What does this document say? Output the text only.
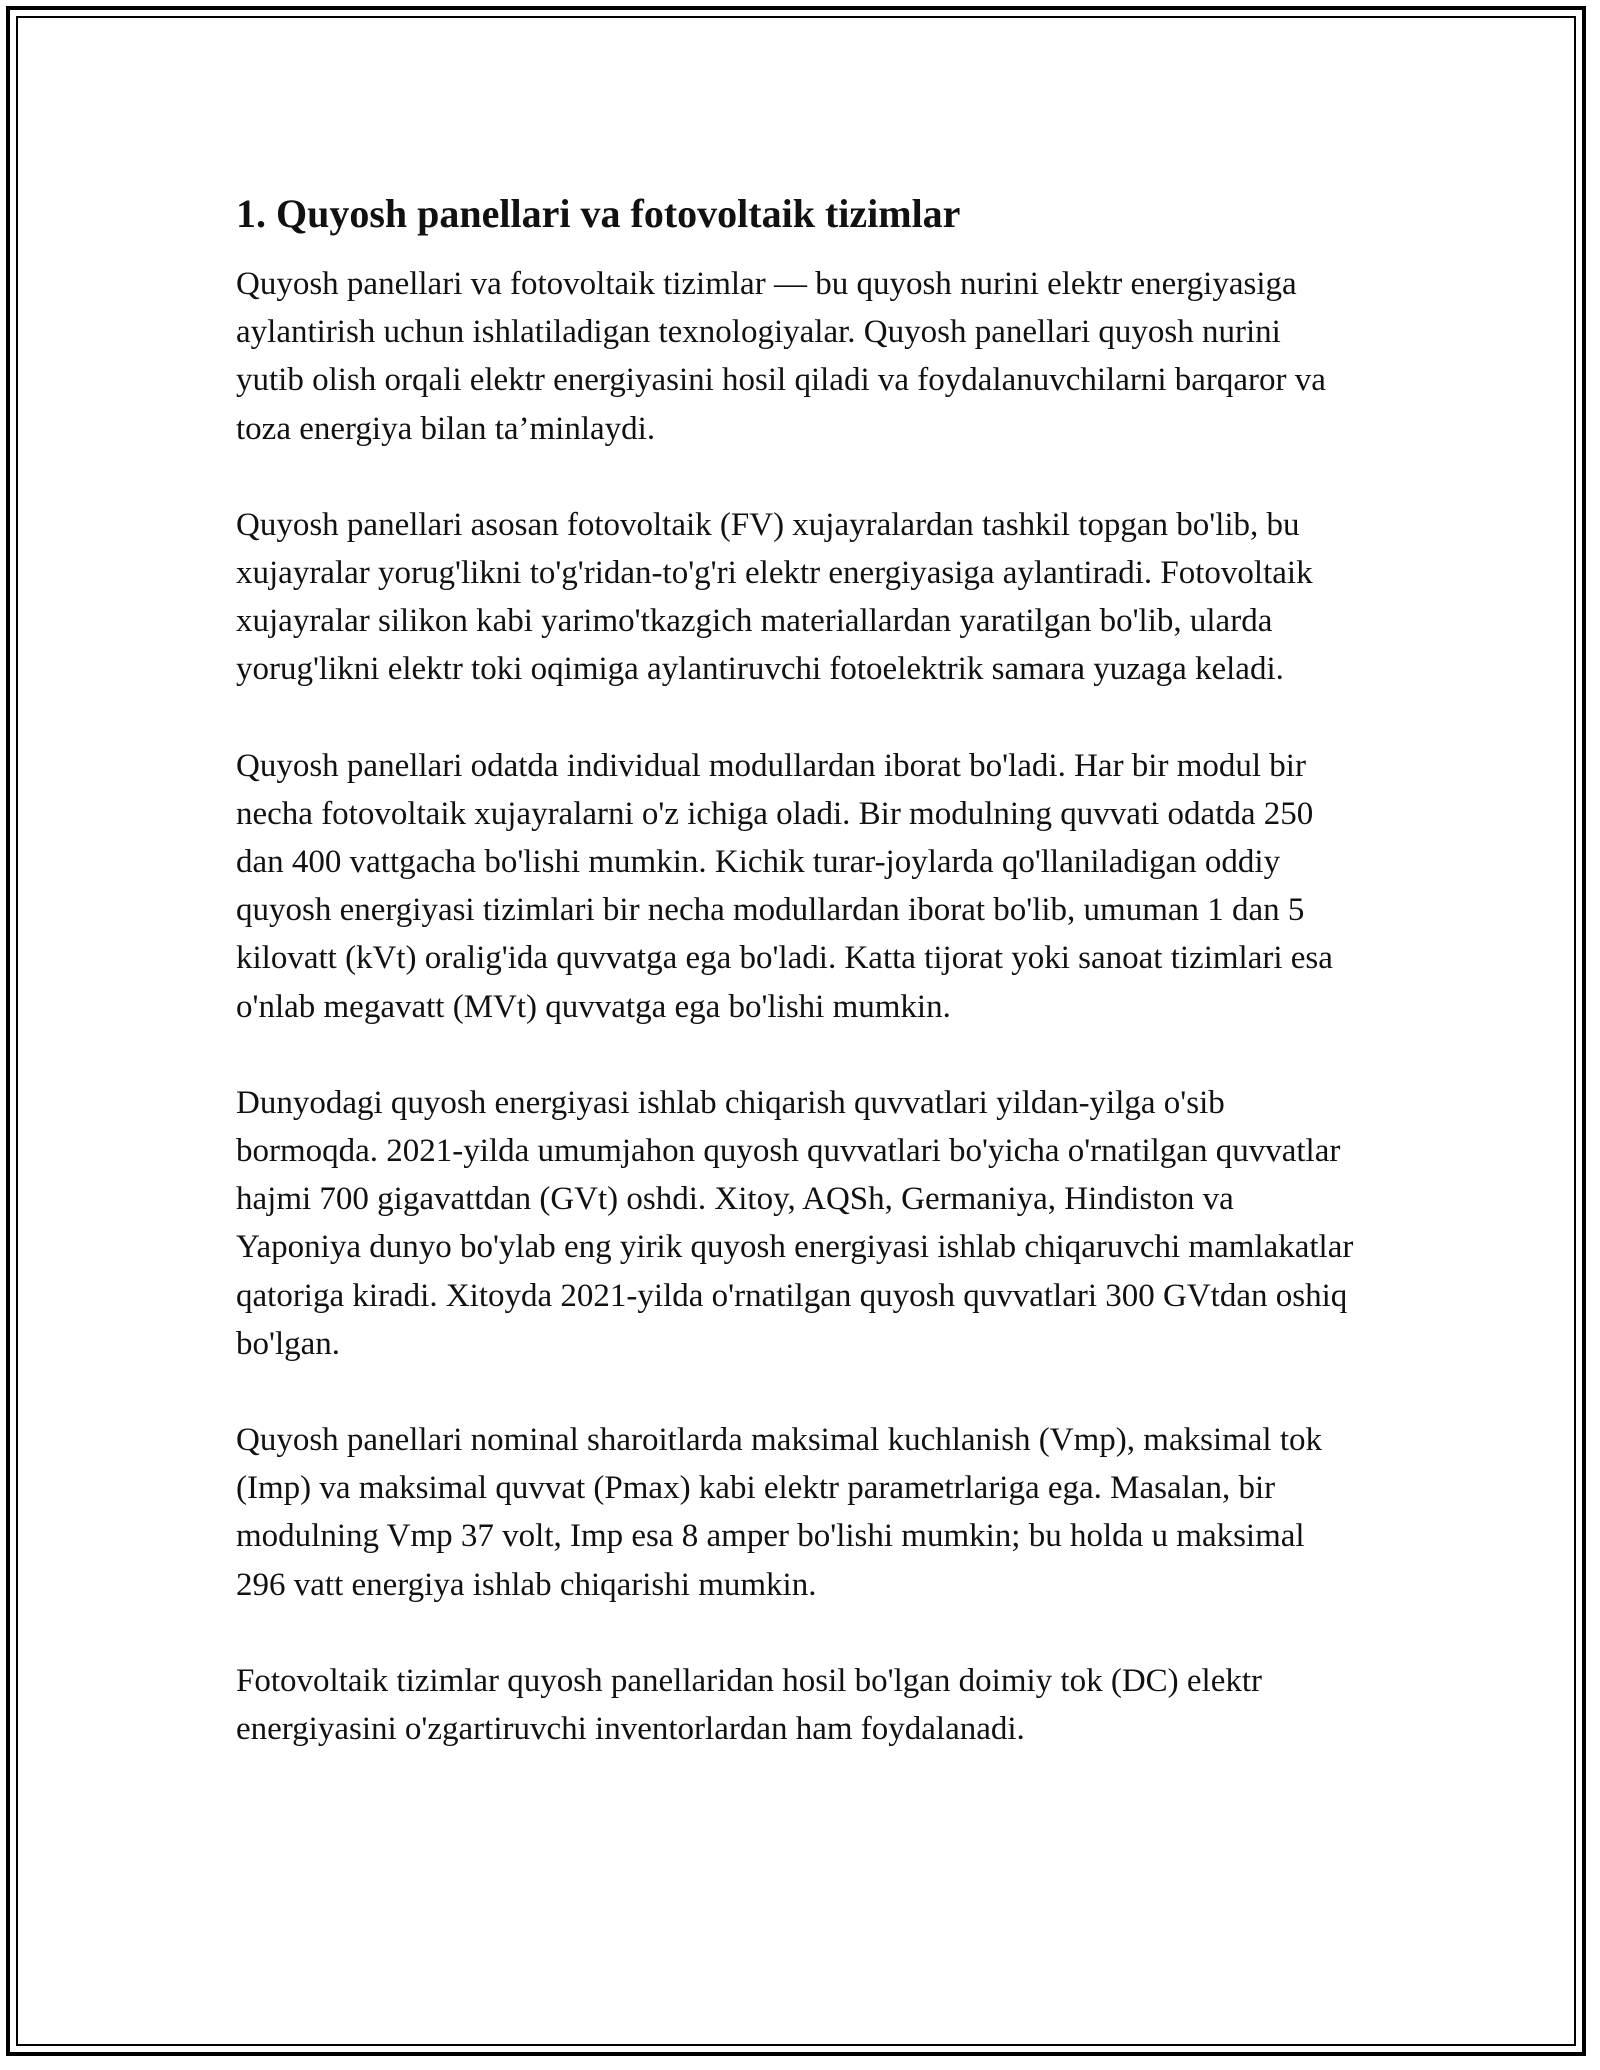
1. Quyosh panellari va fotovoltaik tizimlar

Quyosh panellari va fotovoltaik tizimlar — bu quyosh nurini elektr energiyasiga aylantirish uchun ishlatiladigan texnologiyalar. Quyosh panellari quyosh nurini yutib olish orqali elektr energiyasini hosil qiladi va foydalanuvchilarni barqaror va toza energiya bilan ta’minlaydi.

Quyosh panellari asosan fotovoltaik (FV) xujayralardan tashkil topgan bo'lib, bu xujayralar yorug'likni to'g'ridan-to'g'ri elektr energiyasiga aylantiradi. Fotovoltaik xujayralar silikon kabi yarimo'tkazgich materiallardan yaratilgan bo'lib, ularda yorug'likni elektr toki oqimiga aylantiruvchi fotoelektrik samara yuzaga keladi.

Quyosh panellari odatda individual modullardan iborat bo'ladi. Har bir modul bir necha fotovoltaik xujayralarni o'z ichiga oladi. Bir modulning quvvati odatda 250 dan 400 vattgacha bo'lishi mumkin. Kichik turar-joylarda qo'llaniladigan oddiy quyosh energiyasi tizimlari bir necha modullardan iborat bo'lib, umuman 1 dan 5 kilovatt (kVt) oralig'ida quvvatga ega bo'ladi. Katta tijorat yoki sanoat tizimlari esa o'nlab megavatt (MVt) quvvatga ega bo'lishi mumkin.

Dunyodagi quyosh energiyasi ishlab chiqarish quvvatlari yildan-yilga o'sib bormoqda. 2021-yilda umumjahon quyosh quvvatlari bo'yicha o'rnatilgan quvvatlar hajmi 700 gigavattdan (GVt) oshdi. Xitoy, AQSh, Germaniya, Hindiston va Yaponiya dunyo bo'ylab eng yirik quyosh energiyasi ishlab chiqaruvchi mamlakatlar qatoriga kiradi. Xitoyda 2021-yilda o'rnatilgan quyosh quvvatlari 300 GVtdan oshiq bo'lgan.

Quyosh panellari nominal sharoitlarda maksimal kuchlanish (Vmp), maksimal tok (Imp) va maksimal quvvat (Pmax) kabi elektr parametrlariga ega. Masalan, bir modulning Vmp 37 volt, Imp esa 8 amper bo'lishi mumkin; bu holda u maksimal 296 vatt energiya ishlab chiqarishi mumkin.

Fotovoltaik tizimlar quyosh panellaridan hosil bo'lgan doimiy tok (DC) elektr energiyasini o'zgartiruvchi inventorlardan ham foydalanadi.
